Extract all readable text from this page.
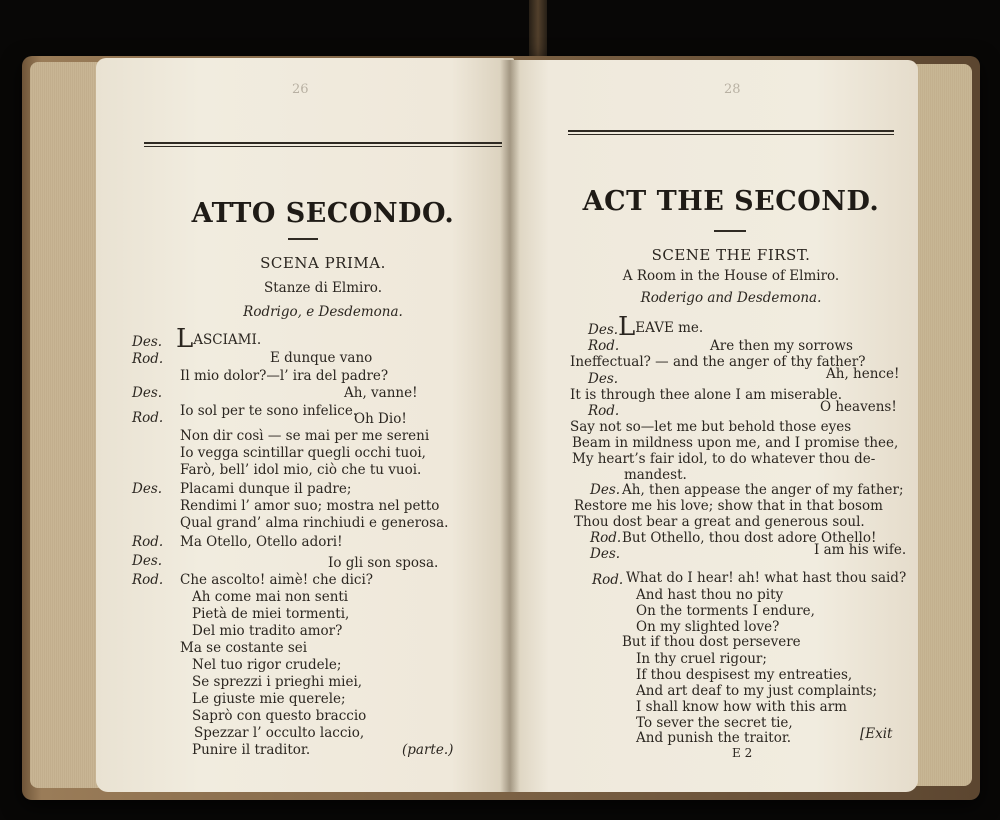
26
ATTO SECONDO.
SCENA PRIMA.
Stanze di Elmiro.
Rodrigo, e Desdemona.
Des. LASCIAMI.
Rod.	E dunque vano
Il mio dolor?—l’ ira del padre?
Des.	Ah, vanne!
Io sol per te sono infelice.
Rod.	Oh Dio!
Non dir così — se mai per me sereni
Io vegga scintillar quegli occhi tuoi,
Farò, bell’ idol mio, ciò che tu vuoi.
Des. Placami dunque il padre;
Rendimi l’ amor suo; mostra nel petto
Qual grand’ alma rinchiudi e generosa.
Rod. Ma Otello, Otello adori!
Des.	Io gli son sposa.
Rod. Che ascolto! aimè! che dici?
Ah come mai non senti
Pietà de miei tormenti,
Del mio tradito amor?
Ma se costante sei
Nel tuo rigor crudele;
Se sprezzi i prieghi miei,
Le giuste mie querele;
Saprò con questo braccio
Spezzar l’ occulto laccio,
Punire il traditor.	(parte.)
28
ACT THE SECOND.
SCENE THE FIRST.
A Room in the House of Elmiro.
Roderigo and Desdemona.
Des. LEAVE me.
Rod.	Are then my sorrows
Ineffectual? — and the anger of thy father?
Des.	Ah, hence!
It is through thee alone I am miserable.
Rod.	O heavens!
Say not so—let me but behold those eyes
Beam in mildness upon me, and I promise thee,
My heart’s fair idol, to do whatever thou de-
mandest.
Des. Ah, then appease the anger of my father;
Restore me his love; show that in that bosom
Thou dost bear a great and generous soul.
Rod. But Othello, thou dost adore Othello!
Des.	I am his wife.
Rod. What do I hear! ah! what hast thou said?
And hast thou no pity
On the torments I endure,
On my slighted love?
But if thou dost persevere
In thy cruel rigour;
If thou despisest my entreaties,
And art deaf to my just complaints;
I shall know how with this arm
To sever the secret tie,
And punish the traitor.	[Exit
E 2
